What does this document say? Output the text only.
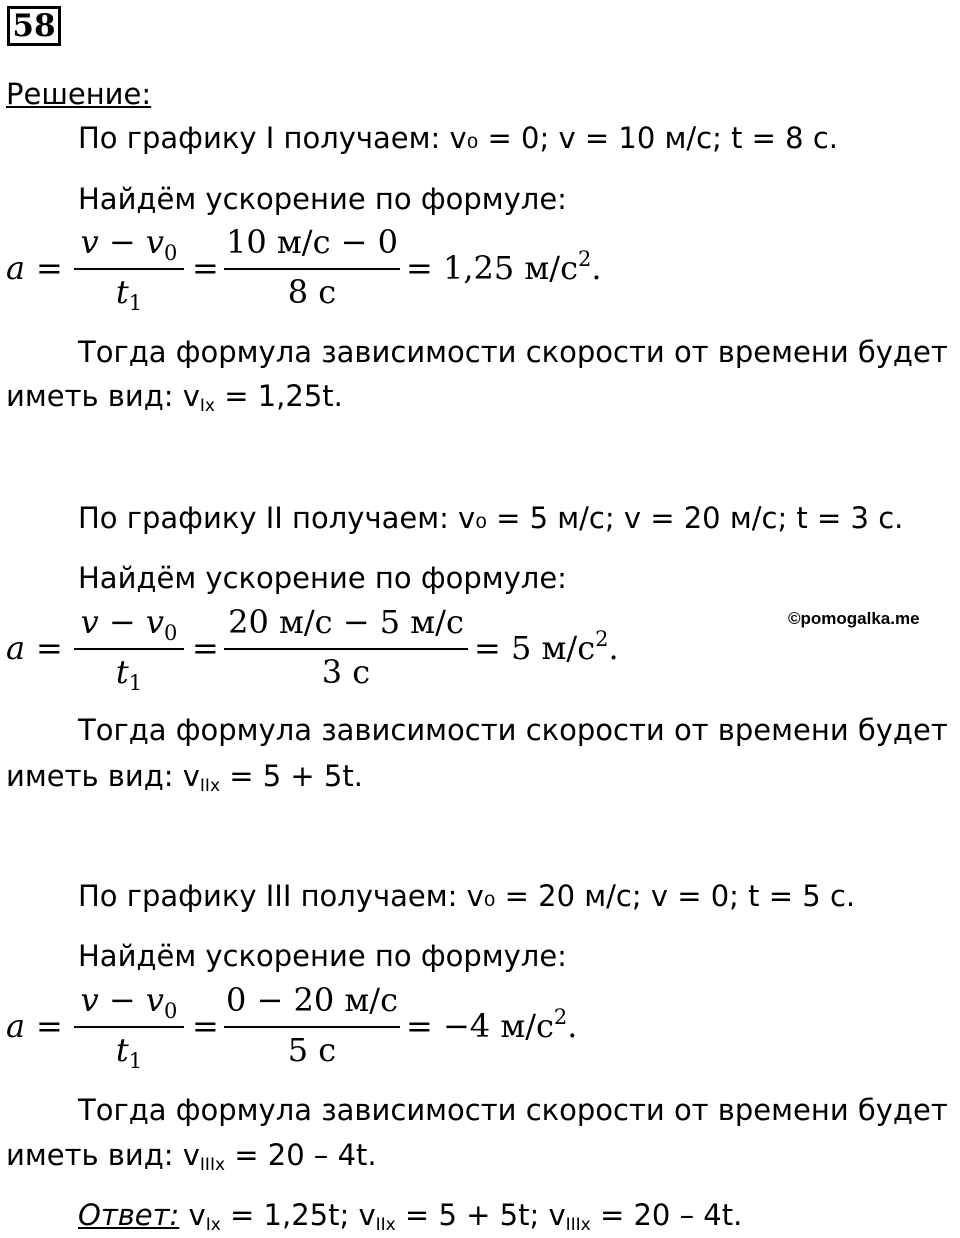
58
Решение:
По графику I получаем: v₀ = 0; v = 10 м/с; t = 8 с.
Найдём ускорение по формуле:
a =
$v - v_0$
$t_1$
=
10 м/с − 0
8 с
= 1,25 $м/с^2$.
Тогда формула зависимости скорости от времени будет
иметь вид: $v_{Ix} = 1,25t$.
По графику II получаем: v₀ = 5 м/с; v = 20 м/с; t = 3 с.
Найдём ускорение по формуле:
a =
$v - v_0$
$t_1$
=
20 м/с − 5 м/с
3 с
= 5 $м/с^2$.
©pomogalka.me
Тогда формула зависимости скорости от времени будет
иметь вид: $v_{IIx} = 5 + 5t$.
По графику III получаем: v₀ = 20 м/с; v = 0; t = 5 с.
Найдём ускорение по формуле:
a =
$v - v_0$
$t_1$
=
0 − 20 м/с
5 с
= −4 $м/с^2$.
Тогда формула зависимости скорости от времени будет
иметь вид: $v_{IIIx} = 20 - 4t$.
Ответ: $v_{Ix} = 1,25t$; $v_{IIx} = 5 + 5t$; $v_{IIIx} = 20 - 4t$.
